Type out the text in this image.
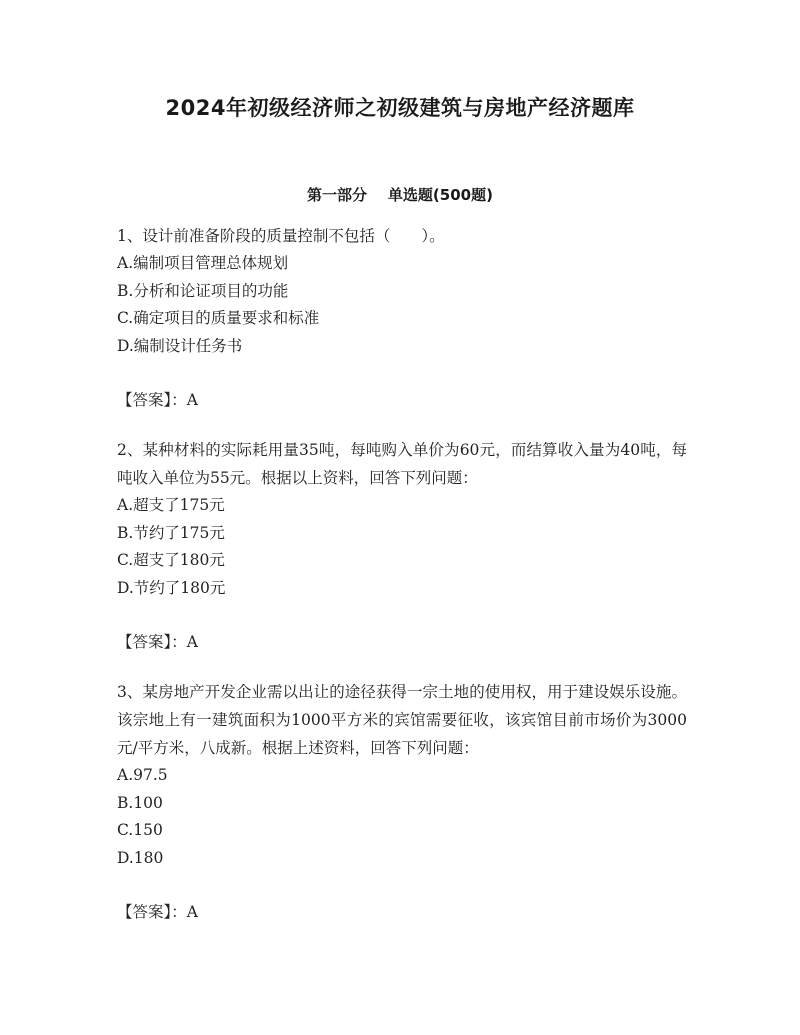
2024年初级经济师之初级建筑与房地产经济题库
第一部分    单选题(500题)

1、设计前准备阶段的质量控制不包括（　　）。

A.编制项目管理总体规划
B.分析和论证项目的功能
C.确定项目的质量要求和标准
D.编制设计任务书
【答案】：A

2、某种材料的实际耗用量35吨，每吨购入单价为60元，而结算收入量为40吨，每吨收入单位为55元。根据以上资料，回答下列问题：

A.超支了175元
B.节约了175元
C.超支了180元
D.节约了180元
【答案】：A

3、某房地产开发企业需以出让的途径获得一宗土地的使用权，用于建设娱乐设施。该宗地上有一建筑面积为1000平方米的宾馆需要征收，该宾馆目前市场价为3000元/平方米，八成新。根据上述资料，回答下列问题：

A.97.5
B.100
C.150
D.180
【答案】：A
